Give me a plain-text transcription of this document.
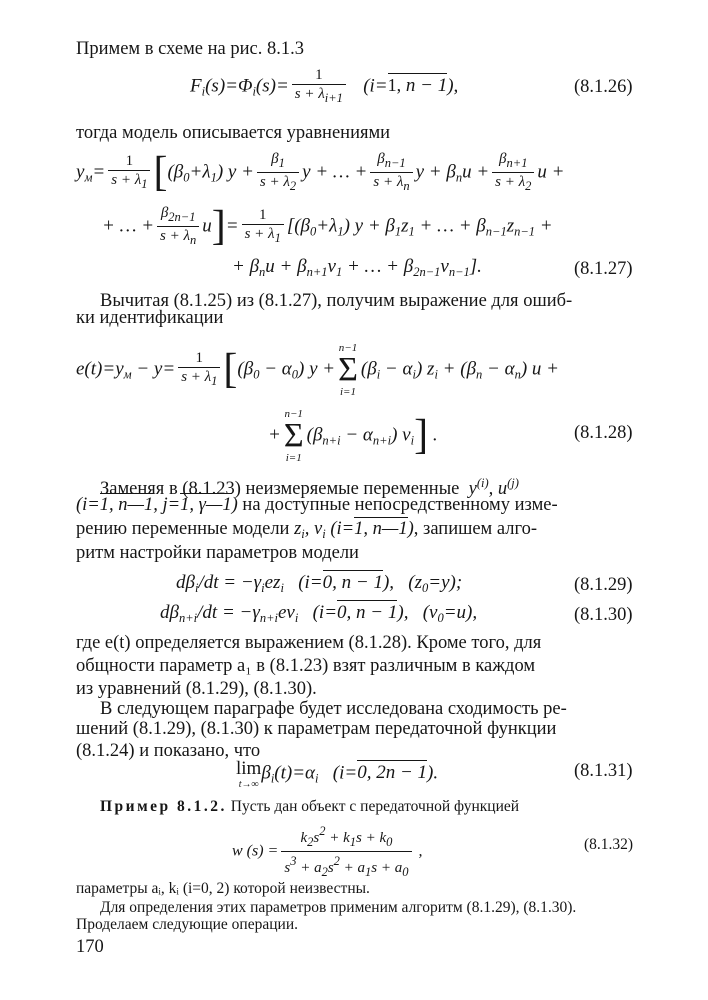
Примем в схеме на рис. 8.1.3
$F_i(s)=\Phi_i(s)= \frac{1}{s + \lambda_{i+1}} (i=1$, n − 1),	(8.1.26)
тогда модель описывается уравнениями
$y_м= \frac{1}{s + \lambda_1} [(\beta_0+\lambda_1) y + \frac{\beta_1}{s + \lambda_2}$ y + … + $\frac{\beta_{n-1}}{s + \lambda_n}$ $y + \beta_nu + \frac{\beta_{n+1}}{s + \lambda_2}$ u +
+ … + $\frac{\beta_{2n-1}}{s + \lambda_n} u]= \frac{1}{s + \lambda_1} [(\beta_0+\lambda_1) y + \beta_1z_1$ + … + $\beta_{n-1}z_{n-1}$ +
+ $\beta_nu + \beta_{n+1}v_1$ + … + $\beta_{2n-1}v_{n-1}$].	(8.1.27)
Вычитая (8.1.25) из (8.1.27), получим выражение для ошиб-
ки идентификации
$e(t)=y_м - y= \frac{1}{s + \lambda_1} [(\beta_0 - \alpha_0) y$ +
n−1
Σ
i=1
$(\beta_i - \alpha_i) z_i + (\beta_n - \alpha_n) u$ +
+
n−1
Σ
i=1
$(\beta_{n+i} - \alpha_{n+i})$ $v_i$] .	(8.1.28)
Заменяя в (8.1.23) неизмеряемые переменные $y^{(i)}$, $u^{(j)}$
(i=1, n—1, j=1, γ—1) на доступные непосредственному изме-
рению переменные модели $z_i$, $v_i$ (i=1, n—1), запишем алго-
ритм настройки параметров модели
$d\beta_i/dt = -\gamma_iez_i$   (i=0, n − 1),   $(z_0=y)$;	(8.1.29)
$d\beta_{n+i}/dt = -\gamma_{n+i}ev_i$   (i=0, n − 1),   $(v_0=u)$,	(8.1.30)
где e(t) определяется выражением (8.1.28). Кроме того, для
общности параметр a₁ в (8.1.23) взят различным в каждом
из уравнений (8.1.29), (8.1.30).
В следующем параграфе будет исследована сходимость ре-
шений (8.1.29), (8.1.30) к параметрам передаточной функции
(8.1.24) и показано, что
lim
t→∞
$\beta_i(t)=\alpha_i$   (i=0, 2n − 1).	(8.1.31)
Пример 8.1.2. Пусть дан объект с передаточной функцией
w $(s) = \frac{k_2s^2 + k_1s + k_0}{s^3 + a_2s^2 + a_1s + a_0}$ ,	(8.1.32)
параметры aᵢ, kᵢ (i=0, 2) которой неизвестны.
Для определения этих параметров применим алгоритм (8.1.29), (8.1.30).
Проделаем следующие операции.
170
